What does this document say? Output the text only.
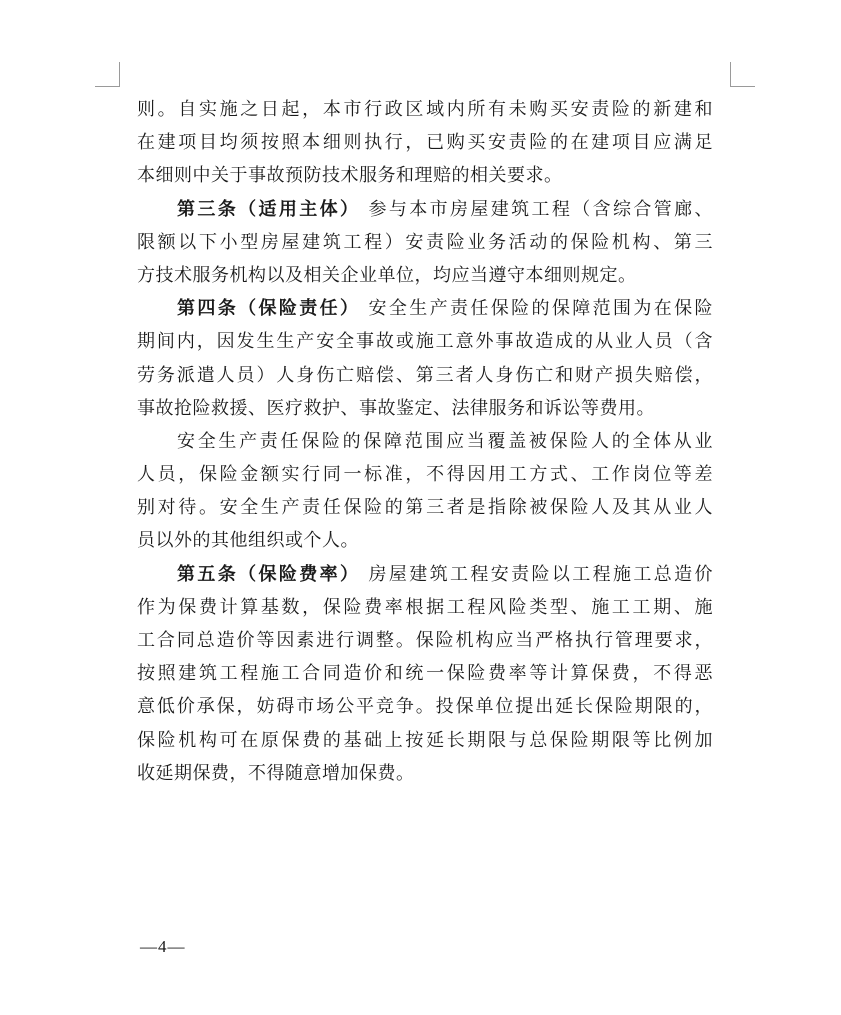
则。自实施之日起，本市行政区域内所有未购买安责险的新建和
在建项目均须按照本细则执行，已购买安责险的在建项目应满足
本细则中关于事故预防技术服务和理赔的相关要求。
第三条（适用主体） 参与本市房屋建筑工程（含综合管廊、
限额以下小型房屋建筑工程）安责险业务活动的保险机构、第三
方技术服务机构以及相关企业单位，均应当遵守本细则规定。
第四条（保险责任） 安全生产责任保险的保障范围为在保险
期间内，因发生生产安全事故或施工意外事故造成的从业人员（含
劳务派遣人员）人身伤亡赔偿、第三者人身伤亡和财产损失赔偿，
事故抢险救援、医疗救护、事故鉴定、法律服务和诉讼等费用。
安全生产责任保险的保障范围应当覆盖被保险人的全体从业
人员，保险金额实行同一标准，不得因用工方式、工作岗位等差
别对待。安全生产责任保险的第三者是指除被保险人及其从业人
员以外的其他组织或个人。
第五条（保险费率） 房屋建筑工程安责险以工程施工总造价
作为保费计算基数，保险费率根据工程风险类型、施工工期、施
工合同总造价等因素进行调整。保险机构应当严格执行管理要求，
按照建筑工程施工合同造价和统一保险费率等计算保费，不得恶
意低价承保，妨碍市场公平竞争。投保单位提出延长保险期限的，
保险机构可在原保费的基础上按延长期限与总保险期限等比例加
收延期保费，不得随意增加保费。
—4—
